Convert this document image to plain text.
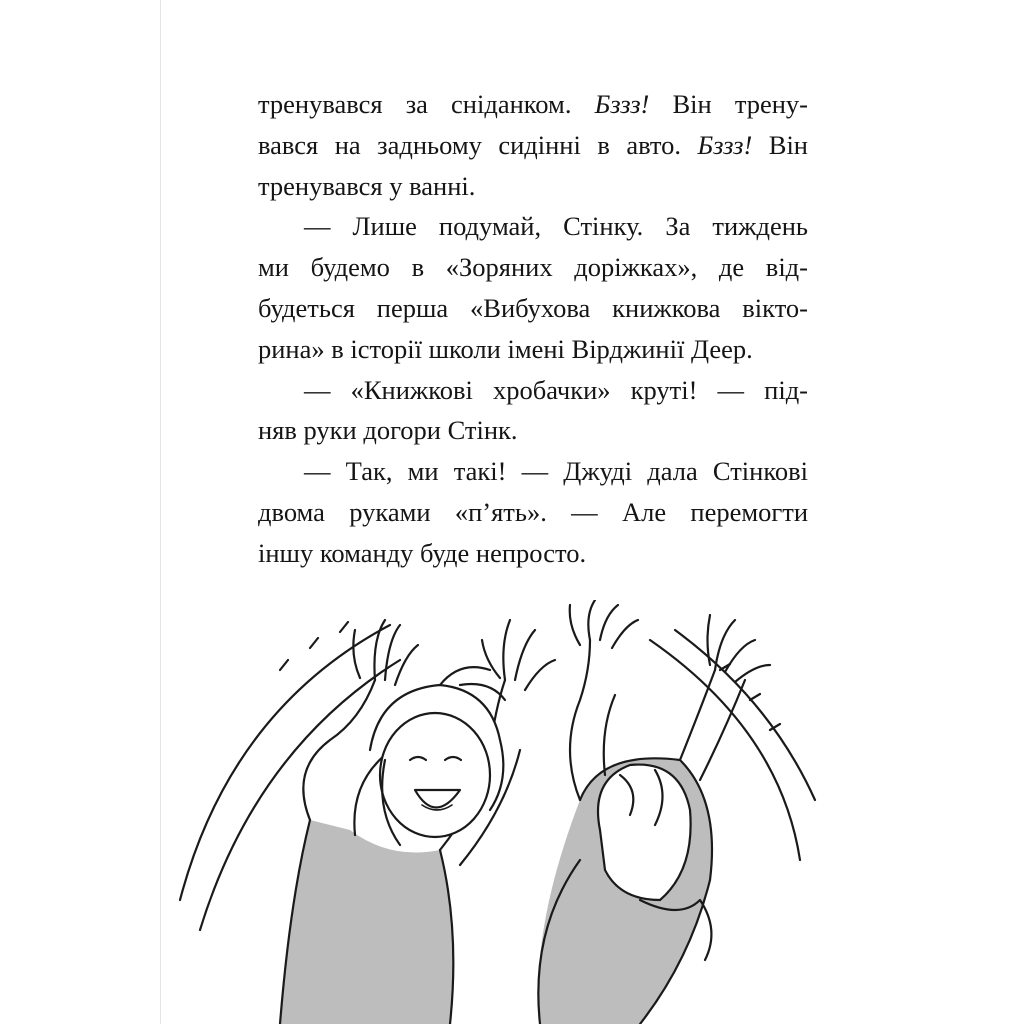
тренувався за сніданком. Бззз! Він трену-
вався на задньому сидінні в авто. Бззз! Він
тренувався у ванні.
— Лише подумай, Стінку. За тиждень
ми будемо в «Зоряних доріжках», де від-
будеться перша «Вибухова книжкова вікто-
рина» в історії школи імені Вірджинії Деер.
— «Книжкові хробачки» круті! — під-
няв руки догори Стінк.
— Так, ми такі! — Джуді дала Стінкові
двома руками «п’ять». — Але перемогти
іншу команду буде непросто.
